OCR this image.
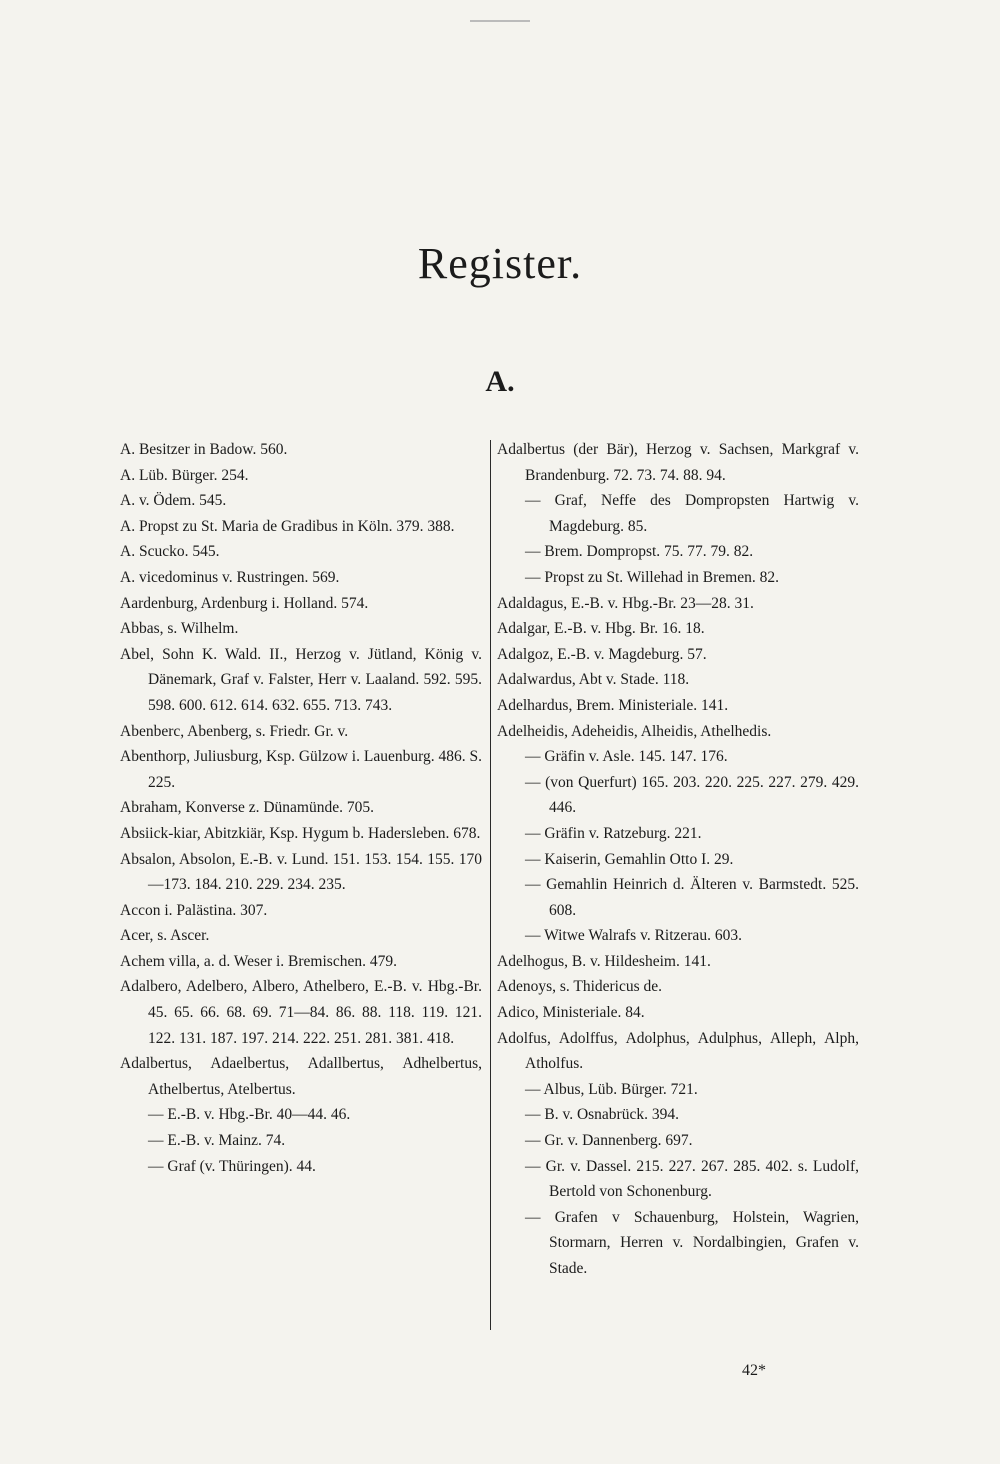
Register.
A.

A. Besitzer in Badow. 560.

A. Lüb. Bürger. 254.

A. v. Ödem. 545.

A. Propst zu St. Maria de Gradibus in Köln. 379. 388.

A. Scucko. 545.

A. vicedominus v. Rustringen. 569.

Aardenburg, Ardenburg i. Holland. 574.

Abbas, s. Wilhelm.

Abel, Sohn K. Wald. II., Herzog v. Jütland, König v. Dänemark, Graf v. Falster, Herr v. Laaland. 592. 595. 598. 600. 612. 614. 632. 655. 713. 743.

Abenberc, Abenberg, s. Friedr. Gr. v.

Abenthorp, Juliusburg, Ksp. Gülzow i. Lauenburg. 486. S. 225.

Abraham, Konverse z. Dünamünde. 705.

Absiick-kiar, Abitzkiär, Ksp. Hygum b. Hadersleben. 678.

Absalon, Absolon, E.-B. v. Lund. 151. 153. 154. 155. 170—173. 184. 210. 229. 234. 235.

Accon i. Palästina. 307.

Acer, s. Ascer.

Achem villa, a. d. Weser i. Bremischen. 479.

Adalbero, Adelbero, Albero, Athelbero, E.-B. v. Hbg.-Br. 45. 65. 66. 68. 69. 71—84. 86. 88. 118. 119. 121. 122. 131. 187. 197. 214. 222. 251. 281. 381. 418.

Adalbertus, Adaelbertus, Adallbertus, Adhelbertus, Athelbertus, Atelbertus.

— E.-B. v. Hbg.-Br. 40—44. 46.

— E.-B. v. Mainz. 74.

— Graf (v. Thüringen). 44.

Adalbertus (der Bär), Herzog v. Sachsen, Markgraf v. Brandenburg. 72. 73. 74. 88. 94.

— Graf, Neffe des Dompropsten Hartwig v. Magdeburg. 85.

— Brem. Dompropst. 75. 77. 79. 82.

— Propst zu St. Willehad in Bremen. 82.

Adaldagus, E.-B. v. Hbg.-Br. 23—28. 31.

Adalgar, E.-B. v. Hbg. Br. 16. 18.

Adalgoz, E.-B. v. Magdeburg. 57.

Adalwardus, Abt v. Stade. 118.

Adelhardus, Brem. Ministeriale. 141.

Adelheidis, Adeheidis, Alheidis, Athelhedis.

— Gräfin v. Asle. 145. 147. 176.

— (von Querfurt) 165. 203. 220. 225. 227. 279. 429. 446.

— Gräfin v. Ratzeburg. 221.

— Kaiserin, Gemahlin Otto I. 29.

— Gemahlin Heinrich d. Älteren v. Barmstedt. 525. 608.

— Witwe Walrafs v. Ritzerau. 603.

Adelhogus, B. v. Hildesheim. 141.

Adenoys, s. Thidericus de.

Adico, Ministeriale. 84.

Adolfus, Adolffus, Adolphus, Adulphus, Alleph, Alph, Atholfus.

— Albus, Lüb. Bürger. 721.

— B. v. Osnabrück. 394.

— Gr. v. Dannenberg. 697.

— Gr. v. Dassel. 215. 227. 267. 285. 402. s. Ludolf, Bertold von Schonenburg.

— Grafen v Schauenburg, Holstein, Wagrien, Stormarn, Herren v. Nordalbingien, Grafen v. Stade.

42*
